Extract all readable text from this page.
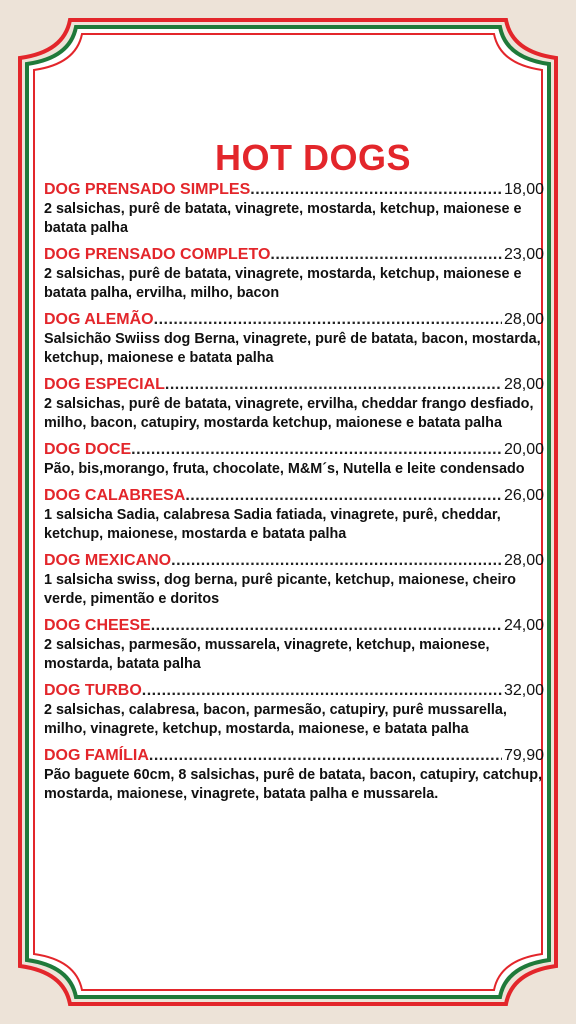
HOT DOGS
DOG PRENSADO SIMPLES .....	18,00
2 salsichas, purê de batata, vinagrete, mostarda, ketchup, maionese e batata palha
DOG PRENSADO COMPLETO .....	23,00
2 salsichas, purê de batata, vinagrete, mostarda, ketchup, maionese e batata palha, ervilha, milho, bacon
DOG ALEMÃO .....	28,00
Salsichão Swiiss dog Berna, vinagrete, purê de batata, bacon, mostarda, ketchup, maionese e batata palha
DOG ESPECIAL .....	28,00
2 salsichas, purê de batata, vinagrete, ervilha, cheddar frango desfiado, milho, bacon, catupiry, mostarda ketchup, maionese e batata palha
DOG DOCE .....	20,00
Pão, bis,morango, fruta, chocolate, M&M´s, Nutella e leite condensado
DOG CALABRESA .....	26,00
1 salsicha Sadia, calabresa Sadia fatiada, vinagrete, purê, cheddar, ketchup, maionese, mostarda e batata palha
DOG MEXICANO .....	28,00
1 salsicha swiss, dog berna, purê picante, ketchup, maionese, cheiro verde, pimentão e doritos
DOG CHEESE .....	24,00
2 salsichas, parmesão, mussarela, vinagrete, ketchup, maionese, mostarda, batata palha
DOG TURBO .....	32,00
2 salsichas, calabresa, bacon, parmesão, catupiry, purê mussarella, milho, vinagrete, ketchup, mostarda, maionese, e batata palha
DOG FAMÍLIA .....	79,90
Pão baguete 60cm, 8 salsichas, purê de batata, bacon, catupiry, catchup, mostarda, maionese, vinagrete, batata palha e mussarela.
